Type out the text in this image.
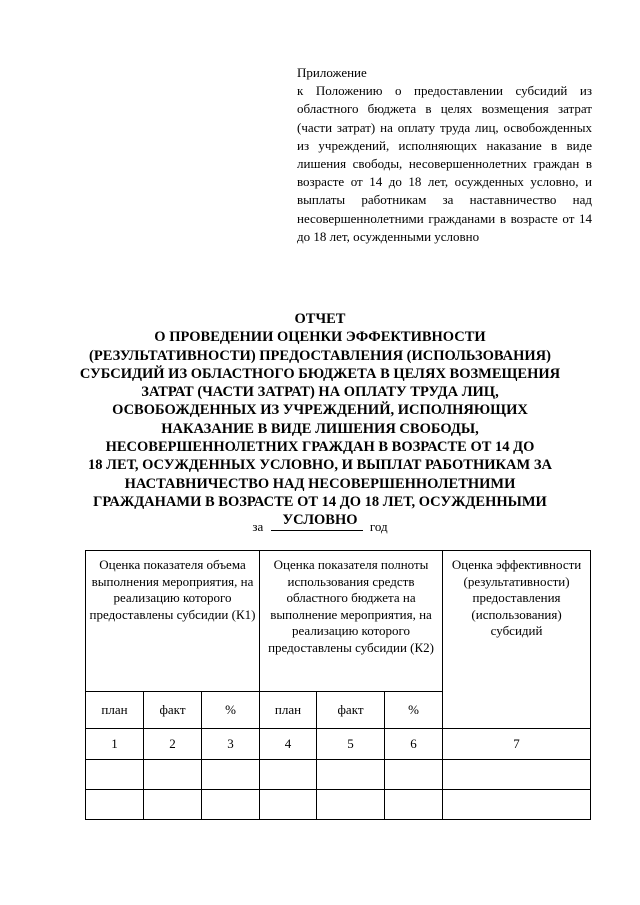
Приложение
к Положению о предоставлении субсидий из областного бюджета в целях возмещения затрат (части затрат) на оплату труда лиц, освобожденных из учреждений, исполняющих наказание в виде лишения свободы, несовершеннолетних граждан в возрасте от 14 до 18 лет, осужденных условно, и выплаты работникам за наставничество над несовершеннолетними гражданами в возрасте от 14 до 18 лет, осужденными условно
ОТЧЕТ
О ПРОВЕДЕНИИ ОЦЕНКИ ЭФФЕКТИВНОСТИ
(РЕЗУЛЬТАТИВНОСТИ) ПРЕДОСТАВЛЕНИЯ (ИСПОЛЬЗОВАНИЯ)
СУБСИДИЙ ИЗ ОБЛАСТНОГО БЮДЖЕТА В ЦЕЛЯХ ВОЗМЕЩЕНИЯ
ЗАТРАТ (ЧАСТИ ЗАТРАТ) НА ОПЛАТУ ТРУДА ЛИЦ,
ОСВОБОЖДЕННЫХ ИЗ УЧРЕЖДЕНИЙ, ИСПОЛНЯЮЩИХ
НАКАЗАНИЕ В ВИДЕ ЛИШЕНИЯ СВОБОДЫ,
НЕСОВЕРШЕННОЛЕТНИХ ГРАЖДАН В ВОЗРАСТЕ ОТ 14 ДО
18 ЛЕТ, ОСУЖДЕННЫХ УСЛОВНО, И ВЫПЛАТ РАБОТНИКАМ ЗА
НАСТАВНИЧЕСТВО НАД НЕСОВЕРШЕННОЛЕТНИМИ
ГРАЖДАНАМИ В ВОЗРАСТЕ ОТ 14 ДО 18 ЛЕТ, ОСУЖДЕННЫМИ
УСЛОВНО
за	год
Оценка показателя объема выполнения мероприятия, на реализацию которого предоставлены субсидии (К1)			Оценка показателя полноты использования средств областного бюджета на выполнение мероприятия, на реализацию которого предоставлены субсидии (К2)			Оценка эффективности (результативности) предоставления (использования) субсидий
план	факт	%	план	факт	%	
1	2	3	4	5	6	7
